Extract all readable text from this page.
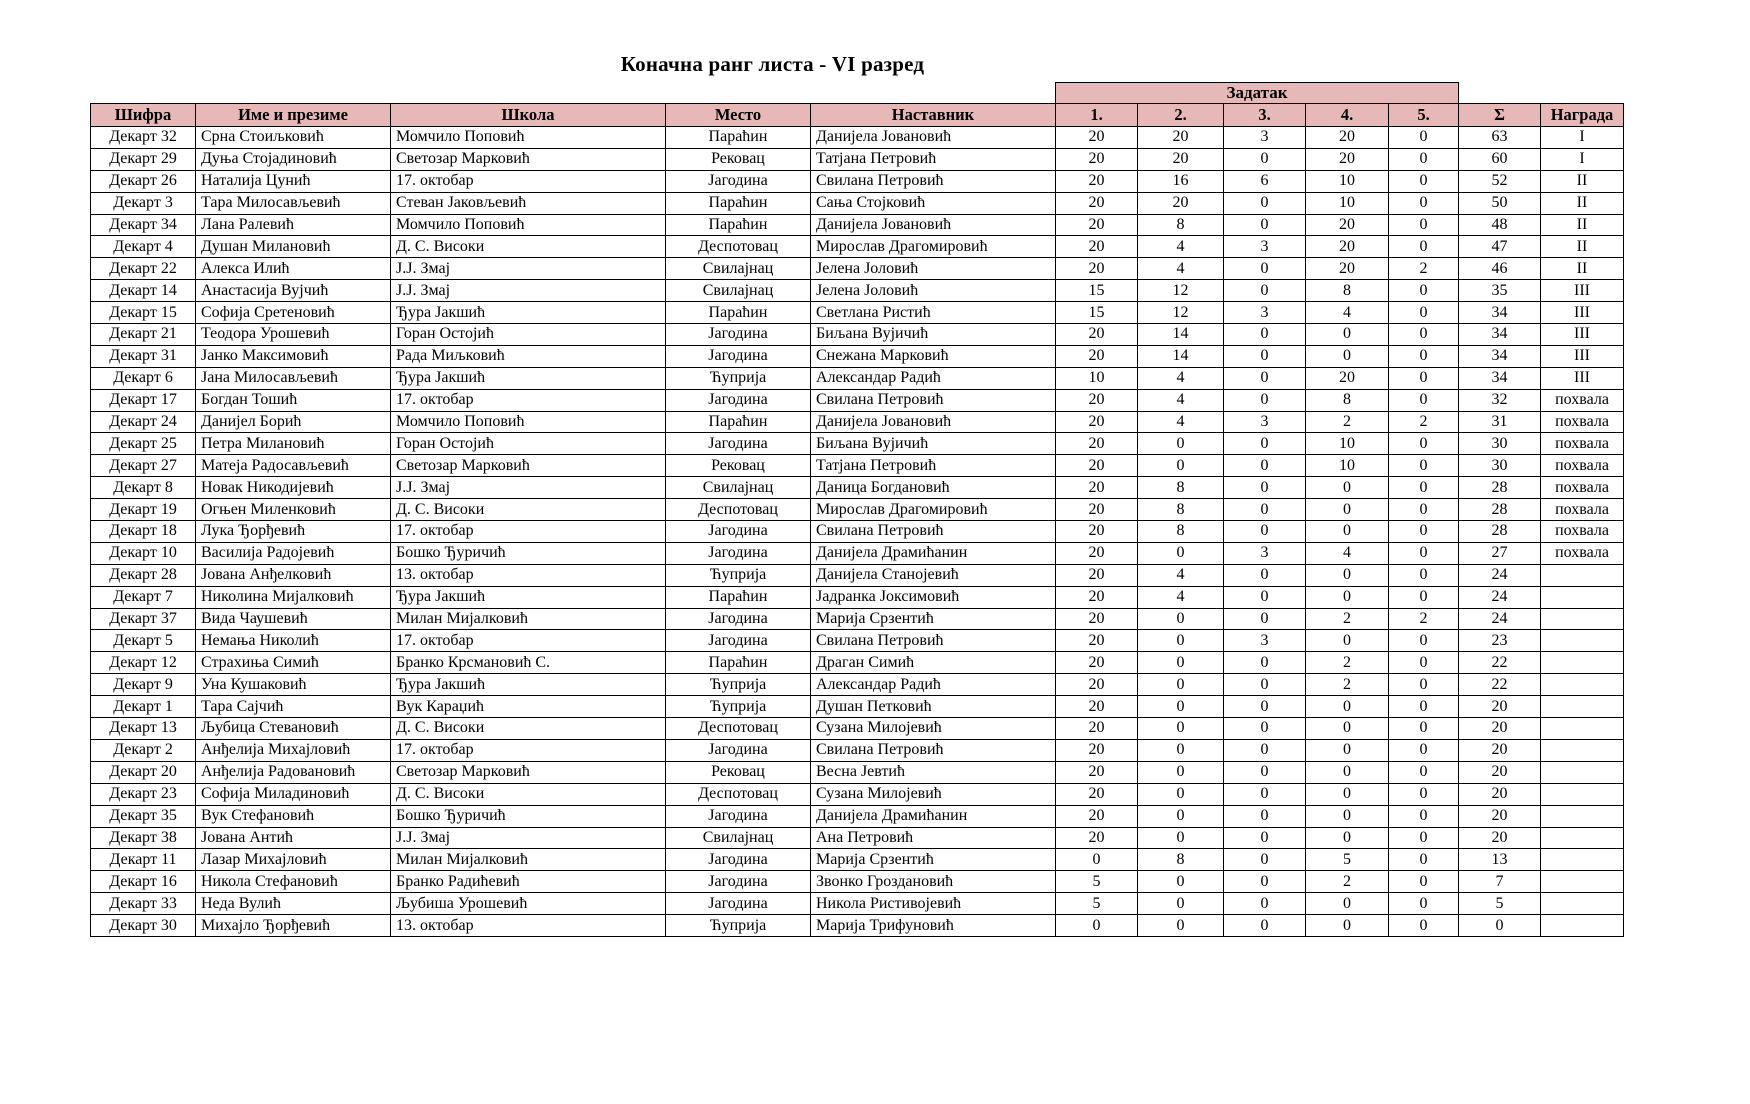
Коначна ранг листа - VI разред
					Задатак						
Шифра	Име и презиме	Школа	Место	Наставник	1.	2.	3.	4.	5.	Σ	Награда
Декарт 32	Срна Стоиљковић	Момчило Поповић	Параћин	Данијела Јовановић	20	20	3	20	0	63	I
Декарт 29	Дуња Стојадиновић	Светозар Марковић	Рековац	Татјана Петровић	20	20	0	20	0	60	I
Декарт 26	Наталија Цунић	17. октобар	Јагодина	Свилана Петровић	20	16	6	10	0	52	II
Декарт 3	Тара Милосављевић	Стеван Јаковљевић	Параћин	Сања Стојковић	20	20	0	10	0	50	II
Декарт 34	Лана Ралевић	Момчило Поповић	Параћин	Данијела Јовановић	20	8	0	20	0	48	II
Декарт 4	Душан Милановић	Д. С. Високи	Деспотовац	Мирослав Драгомировић	20	4	3	20	0	47	II
Декарт 22	Алекса Илић	Ј.Ј. Змај	Свилајнац	Јелена Јоловић	20	4	0	20	2	46	II
Декарт 14	Анастасија Вујчић	Ј.Ј. Змај	Свилајнац	Јелена Јоловић	15	12	0	8	0	35	III
Декарт 15	Софија Сретеновић	Ђура Јакшић	Параћин	Светлана Ристић	15	12	3	4	0	34	III
Декарт 21	Теодора Урошевић	Горан Остојић	Јагодина	Биљана Вујичић	20	14	0	0	0	34	III
Декарт 31	Јанко Максимовић	Рада Миљковић	Јагодина	Снежана Марковић	20	14	0	0	0	34	III
Декарт 6	Јана Милосављевић	Ђура Јакшић	Ћуприја	Александар Радић	10	4	0	20	0	34	III
Декарт 17	Богдан Тошић	17. октобар	Јагодина	Свилана Петровић	20	4	0	8	0	32	похвала
Декарт 24	Данијел Борић	Момчило Поповић	Параћин	Данијела Јовановић	20	4	3	2	2	31	похвала
Декарт 25	Петра Милановић	Горан Остојић	Јагодина	Биљана Вујичић	20	0	0	10	0	30	похвала
Декарт 27	Матеја Радосављевић	Светозар Марковић	Рековац	Татјана Петровић	20	0	0	10	0	30	похвала
Декарт 8	Новак Никодијевић	Ј.Ј. Змај	Свилајнац	Даница Богдановић	20	8	0	0	0	28	похвала
Декарт 19	Огњен Миленковић	Д. С. Високи	Деспотовац	Мирослав Драгомировић	20	8	0	0	0	28	похвала
Декарт 18	Лука Ђорђевић	17. октобар	Јагодина	Свилана Петровић	20	8	0	0	0	28	похвала
Декарт 10	Василија Радојевић	Бошко Ђуричић	Јагодина	Данијела Драмићанин	20	0	3	4	0	27	похвала
Декарт 28	Јована Анђелковић	13. октобар	Ћуприја	Данијела Станојевић	20	4	0	0	0	24	
Декарт 7	Николина Мијалковић	Ђура Јакшић	Параћин	Јадранка Јоксимовић	20	4	0	0	0	24	
Декарт 37	Вида Чаушевић	Милан Мијалковић	Јагодина	Марија Срзентић	20	0	0	2	2	24	
Декарт 5	Немања Николић	17. октобар	Јагодина	Свилана Петровић	20	0	3	0	0	23	
Декарт 12	Страхиња Симић	Бранко Крсмановић С.	Параћин	Драган Симић	20	0	0	2	0	22	
Декарт 9	Уна Кушаковић	Ђура Јакшић	Ћуприја	Александар Радић	20	0	0	2	0	22	
Декарт 1	Тара Сајчић	Вук Караџић	Ћуприја	Душан Петковић	20	0	0	0	0	20	
Декарт 13	Љубица Стевановић	Д. С. Високи	Деспотовац	Сузана Милојевић	20	0	0	0	0	20	
Декарт 2	Анђелија Михајловић	17. октобар	Јагодина	Свилана Петровић	20	0	0	0	0	20	
Декарт 20	Анђелија Радовановић	Светозар Марковић	Рековац	Весна Јевтић	20	0	0	0	0	20	
Декарт 23	Софија Миладиновић	Д. С. Високи	Деспотовац	Сузана Милојевић	20	0	0	0	0	20	
Декарт 35	Вук Стефановић	Бошко Ђуричић	Јагодина	Данијела Драмићанин	20	0	0	0	0	20	
Декарт 38	Јована Антић	Ј.Ј. Змај	Свилајнац	Ана Петровић	20	0	0	0	0	20	
Декарт 11	Лазар Михајловић	Милан Мијалковић	Јагодина	Марија Срзентић	0	8	0	5	0	13	
Декарт 16	Никола Стефановић	Бранко Радићевић	Јагодина	Звонко Гроздановић	5	0	0	2	0	7	
Декарт 33	Неда Вулић	Љубиша Урошевић	Јагодина	Никола Ристивојевић	5	0	0	0	0	5	
Декарт 30	Михајло Ђорђевић	13. октобар	Ћуприја	Марија Трифуновић	0	0	0	0	0	0	
